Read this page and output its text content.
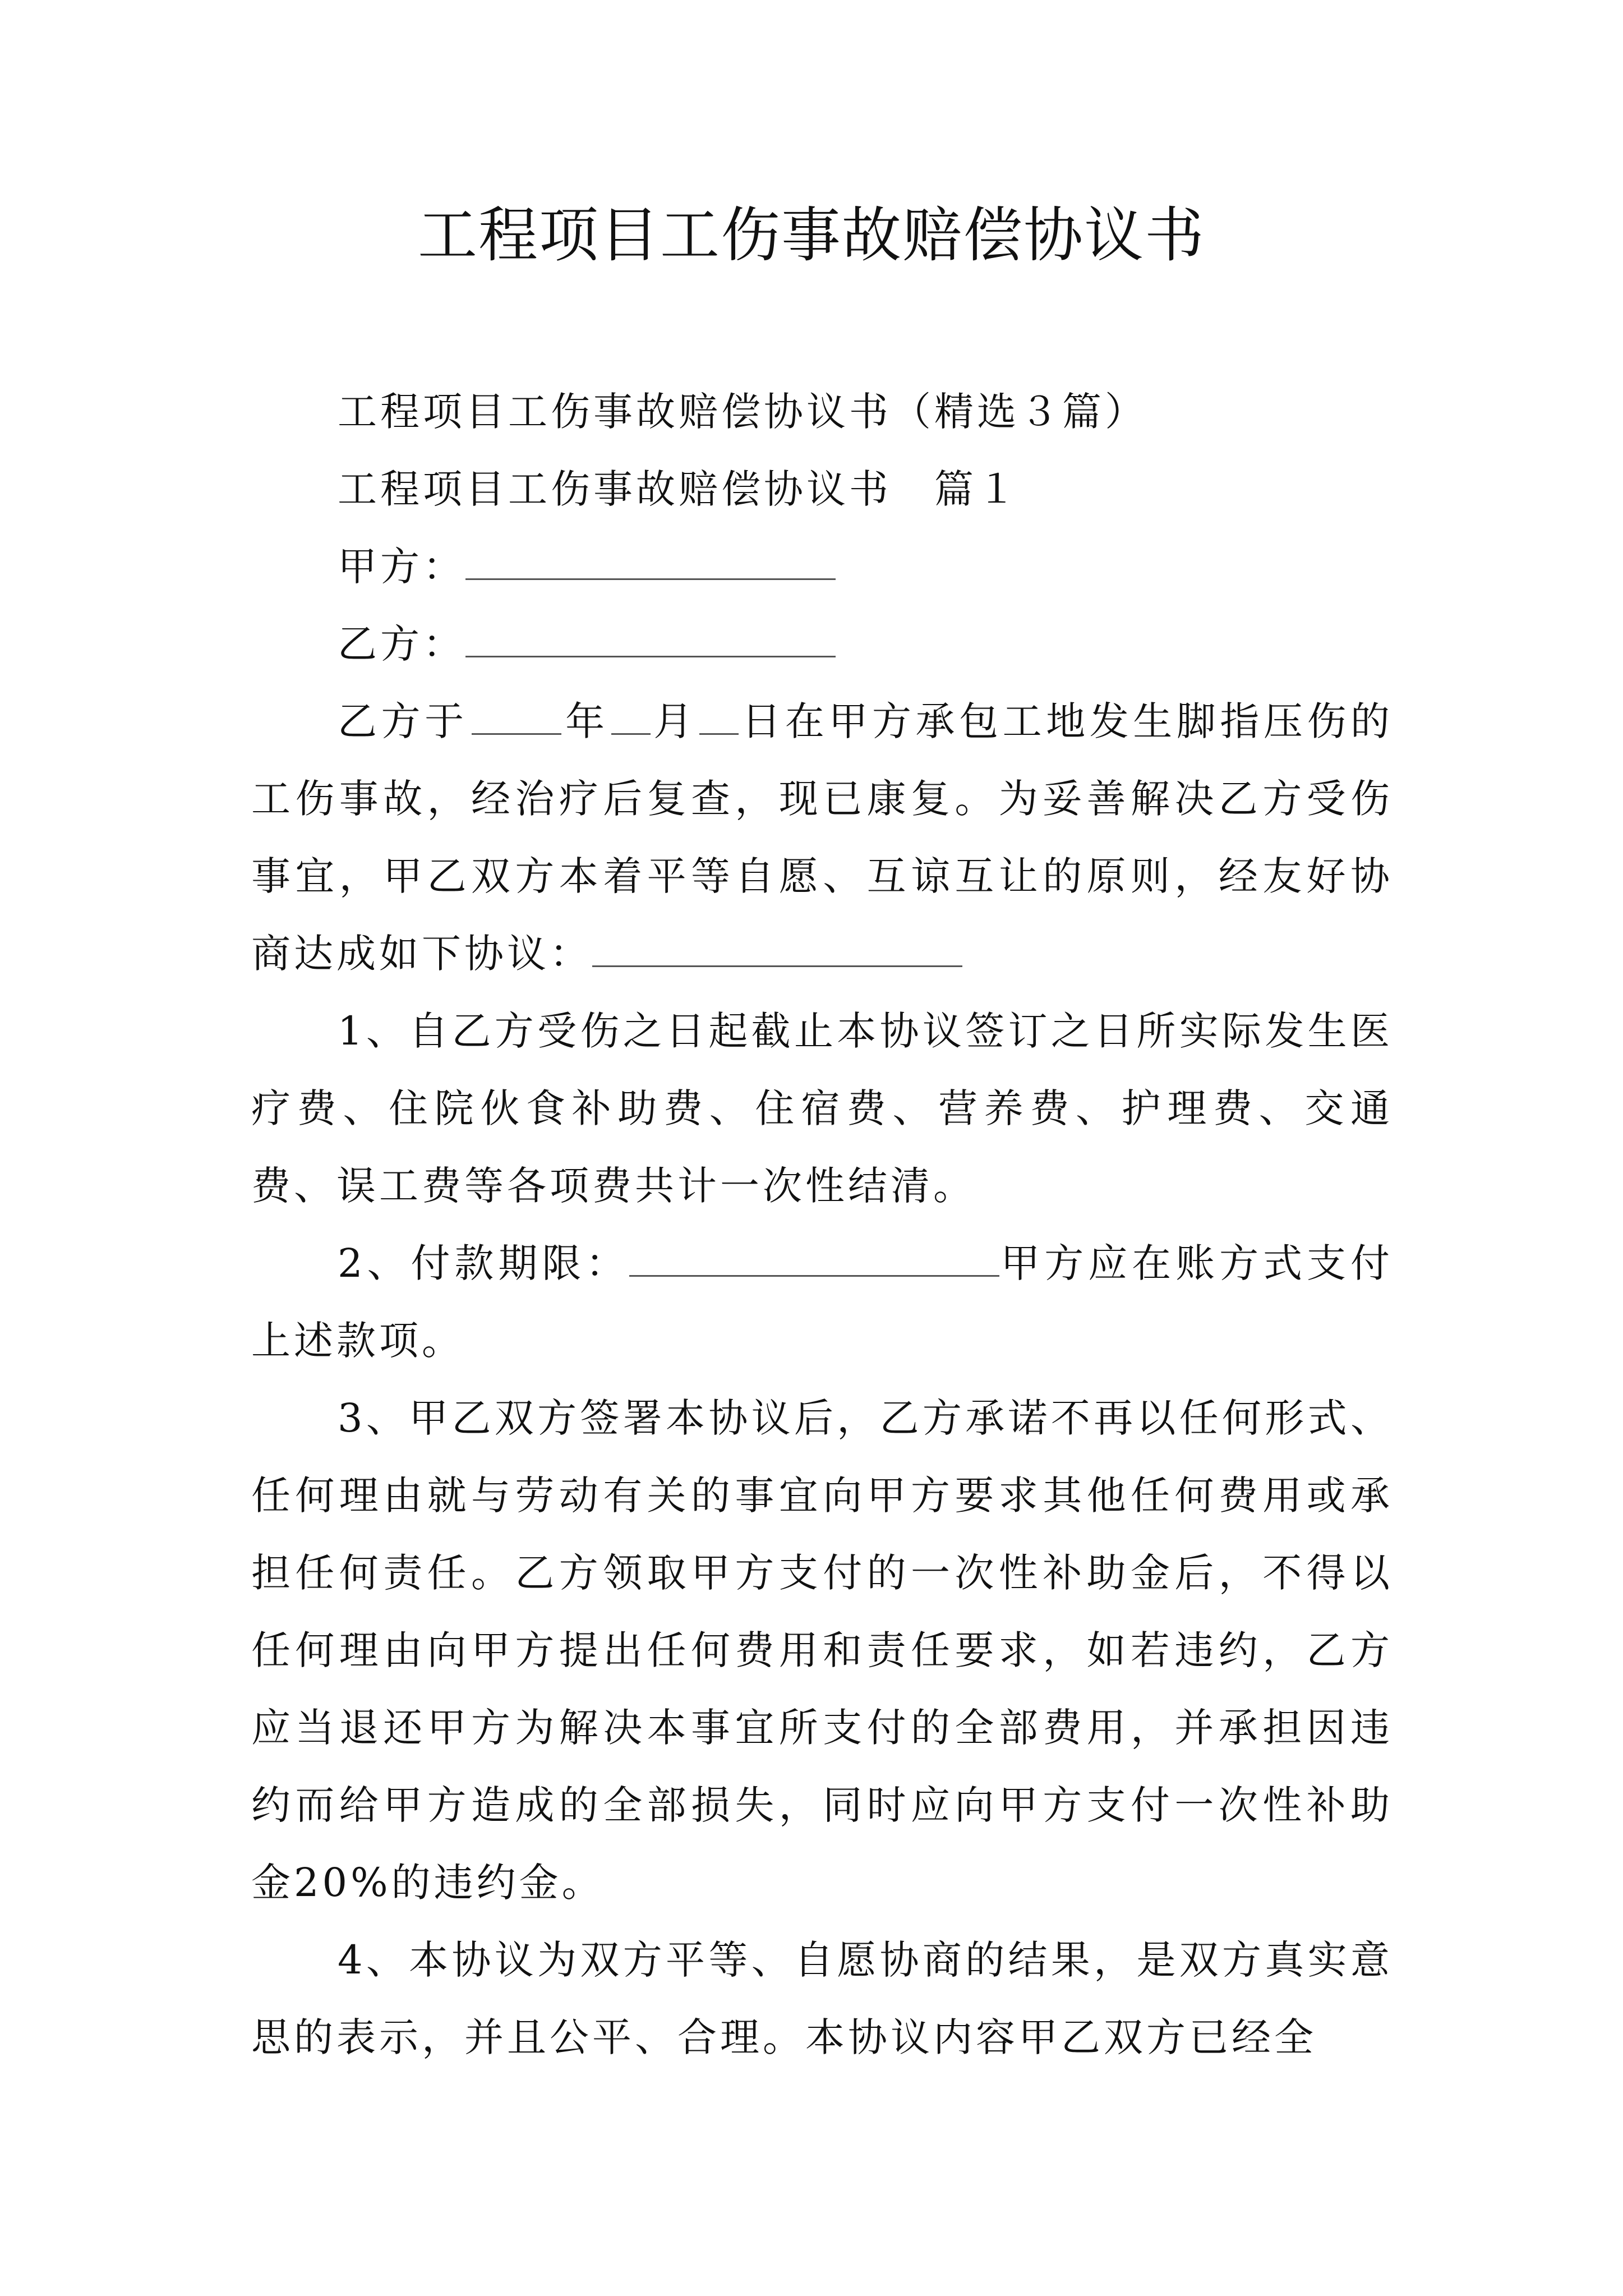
工程项目工伤事故赔偿协议书

工程项目工伤事故赔偿协议书（精选３篇）

工程项目工伤事故赔偿协议书　篇１

甲方：

乙方：

乙方于 年 月 日在甲方承包工地发生脚指压伤的工伤事故，经治疗后复查，现已康复。为妥善解决乙方受伤事宜，甲乙双方本着平等自愿、互谅互让的原则，经友好协商达成如下协议：

1、自乙方受伤之日起截止本协议签订之日所实际发生医疗费、住院伙食补助费、住宿费、营养费、护理费、交通费、误工费等各项费共计一次性结清。

2、付款期限：	甲方应在账方式支付上述款项。

3、甲乙双方签署本协议后，乙方承诺不再以任何形式、任何理由就与劳动有关的事宜向甲方要求其他任何费用或承担任何责任。乙方领取甲方支付的一次性补助金后，不得以任何理由向甲方提出任何费用和责任要求，如若违约，乙方应当退还甲方为解决本事宜所支付的全部费用，并承担因违约而给甲方造成的全部损失，同时应向甲方支付一次性补助金20%的违约金。

4、本协议为双方平等、自愿协商的结果，是双方真实意思的表示，并且公平、合理。本协议内容甲乙双方已经全
